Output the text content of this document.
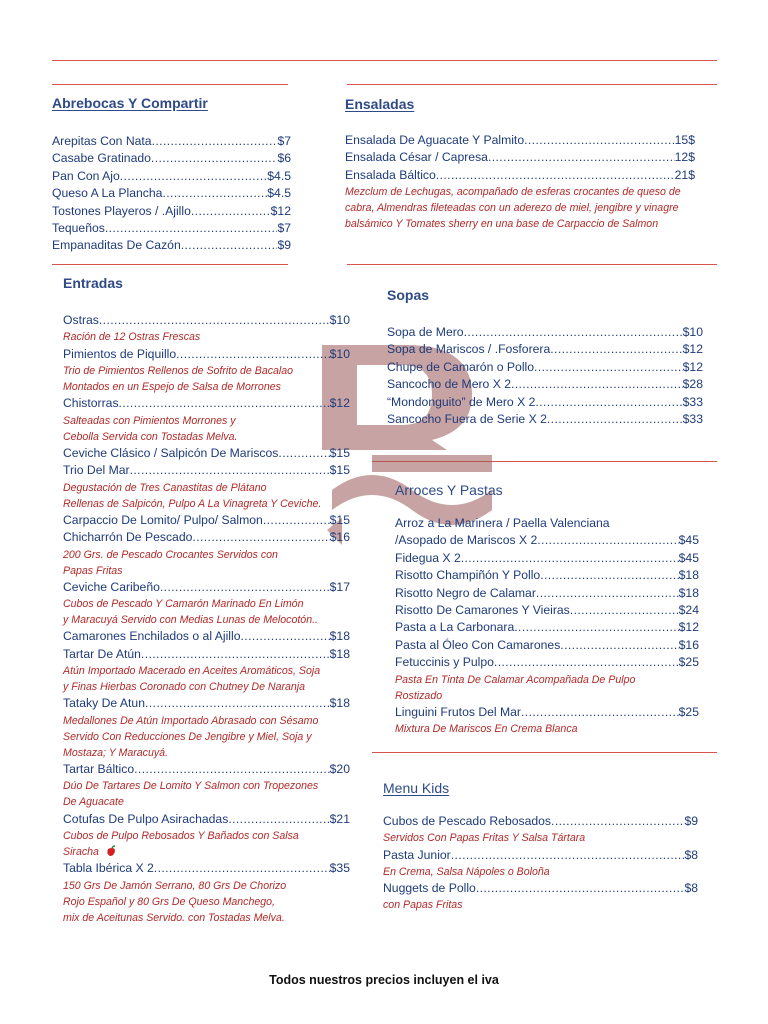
Abrebocas Y Compartir
Arepitas Con Nata .....	$7
Casabe Gratinado .....	$6
Pan Con Ajo .....	$4.5
Queso A La Plancha .....	$4.5
Tostones Playeros / .Ajillo .....	$12
Tequeños .....	$7
Empanaditas De Cazón .....	$9
Ensaladas
Ensalada De Aguacate Y Palmito .....	15$
Ensalada César / Capresa .....	12$
Ensalada Báltico .....	21$
Mezclum de Lechugas, acompañado de esferas crocantes de queso de cabra, Almendras fileteadas con un aderezo de miel, jengibre y vinagre balsámico Y Tomates sherry en una base de Carpaccio de Salmon
Entradas
Ostras .....	$10
Ración de 12 Ostras Frescas
Pimientos de Piquillo .....	$10
Trio de Pimientos Rellenos de Sofrito de Bacalao
Montados en un Espejo de Salsa de Morrones
Chistorras .....	$12
Salteadas con Pimientos Morrones y
Cebolla Servida con Tostadas Melva.
Ceviche Clásico / Salpicón De Mariscos .....	$15
Trio Del Mar .....	$15
Degustación de Tres Canastitas de Plátano
Rellenas de Salpicón, Pulpo A La Vinagreta Y Ceviche.
Carpaccio De Lomito/ Pulpo/ Salmon .....	$15
Chicharrón De Pescado .....	$16
200 Grs. de Pescado Crocantes Servidos con
Papas Fritas
Ceviche Caribeño .....	$17
Cubos de Pescado Y Camarón Marinado En Limón
y Maracuyá Servido con Medias Lunas de Melocotón..
Camarones Enchilados o al Ajillo .....	$18
Tartar De Atún .....	$18
Atún Importado Macerado en Aceites Aromáticos, Soja
y Finas Hierbas Coronado con Chutney De Naranja
Tataky De Atun .....	$18
Medallones De Atún Importado Abrasado con Sésamo
Servido Con Reducciones De Jengibre y Miel, Soja y
Mostaza; Y Maracuyá.
Tartar Báltico .....	$20
Dúo De Tartares De Lomito Y Salmon con Tropezones
De Aguacate
Cotufas De Pulpo Asirachadas .....	$21
Cubos de Pulpo Rebosados Y Bañados con Salsa
Siracha
Tabla Ibérica X 2 .....	$35
150 Grs De Jamón Serrano, 80 Grs De Chorizo
Rojo Español y 80 Grs De Queso Manchego,
mix de Aceitunas Servido. con Tostadas Melva.
Sopas
Sopa de Mero .....	$10
Sopa de Mariscos / .Fosforera .....	$12
Chupe de Camarón o Pollo .....	$12
Sancocho de Mero X 2 .....	$28
“Mondonguito” de Mero X 2 .....	$33
Sancocho Fuera de Serie X 2 .....	$33
Arroces Y Pastas
Arroz a La Marinera / Paella Valenciana
/Asopado de Mariscos X 2 .....	$45
Fidegua X 2 .....	$45
Risotto Champiñón Y Pollo .....	$18
Risotto Negro de Calamar .....	$18
Risotto De Camarones Y Vieiras .....	$24
Pasta a La Carbonara .....	$12
Pasta al Óleo Con Camarones .....	$16
Fetuccinis y Pulpo .....	$25
Pasta En Tinta De Calamar Acompañada De Pulpo
Rostizado
Linguini Frutos Del Mar .....	$25
Mixtura De Mariscos En Crema Blanca
Menu Kids
Cubos de Pescado Rebosados .....	$9
Servidos Con Papas Fritas Y Salsa Tártara
Pasta Junior .....	$8
En Crema, Salsa Nápoles o Boloña
Nuggets de Pollo .....	$8
con Papas Fritas
Todos nuestros precios incluyen el iva
